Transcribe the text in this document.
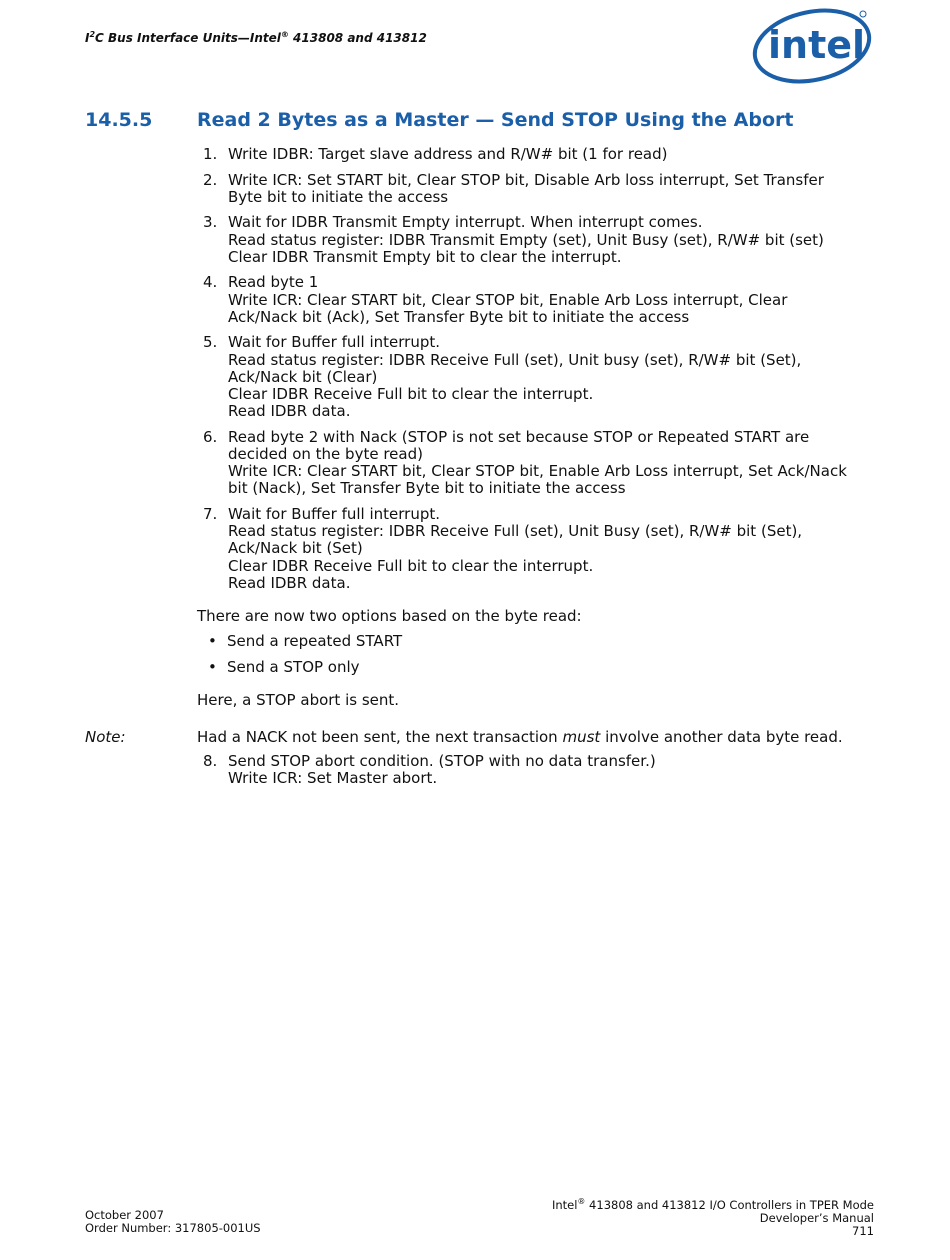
$I^2C$ Bus Interface Units—Intel® 413808 and 413812	intel
14.5.5 Read 2 Bytes as a Master — Send STOP Using the Abort
1. Write IDBR: Target slave address and R/W# bit (1 for read)
2. Write ICR: Set START bit, Clear STOP bit, Disable Arb loss interrupt, Set Transfer
Byte bit to initiate the access
3. Wait for IDBR Transmit Empty interrupt. When interrupt comes.
Read status register: IDBR Transmit Empty (set), Unit Busy (set), R/W# bit (set)
Clear IDBR Transmit Empty bit to clear the interrupt.
4. Read byte 1
Write ICR: Clear START bit, Clear STOP bit, Enable Arb Loss interrupt, Clear
Ack/Nack bit (Ack), Set Transfer Byte bit to initiate the access
5. Wait for Buffer full interrupt.
Read status register: IDBR Receive Full (set), Unit busy (set), R/W# bit (Set),
Ack/Nack bit (Clear)
Clear IDBR Receive Full bit to clear the interrupt.
Read IDBR data.
6. Read byte 2 with Nack (STOP is not set because STOP or Repeated START are
decided on the byte read)
Write ICR: Clear START bit, Clear STOP bit, Enable Arb Loss interrupt, Set Ack/Nack
bit (Nack), Set Transfer Byte bit to initiate the access
7. Wait for Buffer full interrupt.
Read status register: IDBR Receive Full (set), Unit Busy (set), R/W# bit (Set),
Ack/Nack bit (Set)
Clear IDBR Receive Full bit to clear the interrupt.
Read IDBR data.
There are now two options based on the byte read:
• Send a repeated START
• Send a STOP only
Here, a STOP abort is sent.
Note:	Had a NACK not been sent, the next transaction must involve another data byte read.
8. Send STOP abort condition. (STOP with no data transfer.)
Write ICR: Set Master abort.
October 2007
Order Number: 317805-001US
Intel® 413808 and 413812 I/O Controllers in TPER Mode
Developer’s Manual
711
